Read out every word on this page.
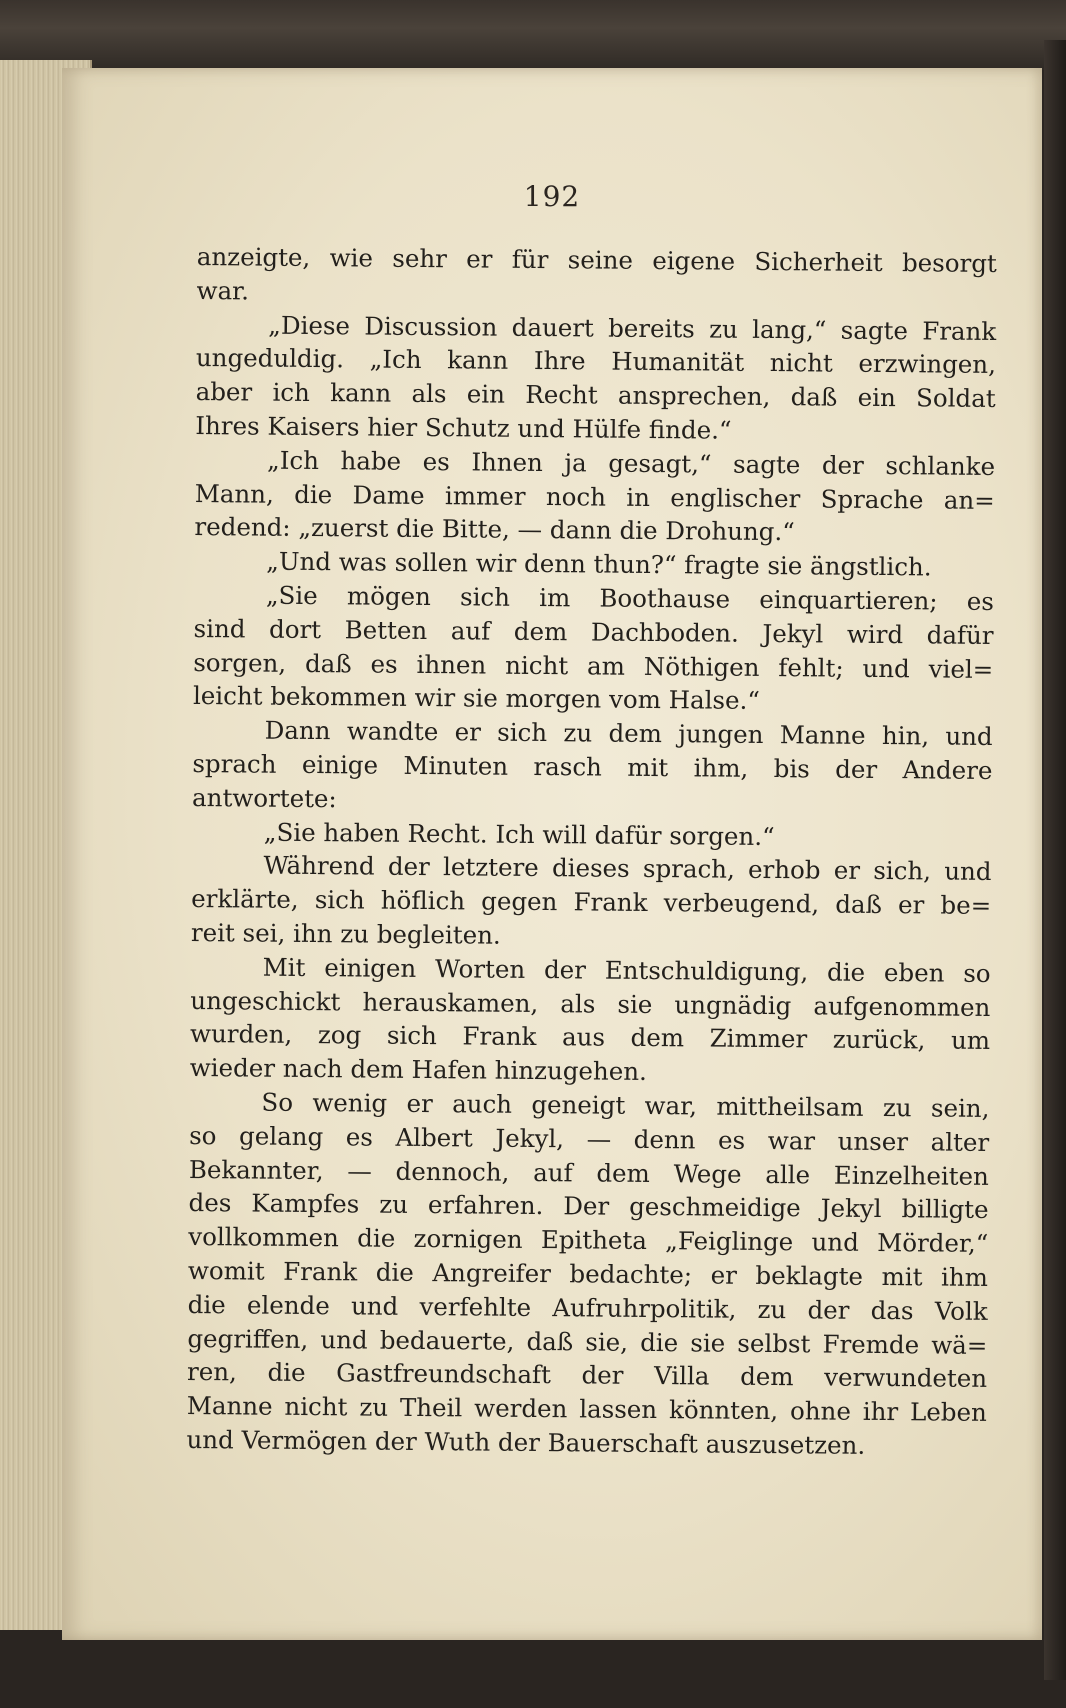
192
anzeigte, wie sehr er für seine eigene Sicherheit besorgt
war.
„Diese Discussion dauert bereits zu lang,“ sagte Frank
ungeduldig. „Ich kann Ihre Humanität nicht erzwingen,
aber ich kann als ein Recht ansprechen, daß ein Soldat
Ihres Kaisers hier Schutz und Hülfe finde.“
„Ich habe es Ihnen ja gesagt,“ sagte der schlanke
Mann, die Dame immer noch in englischer Sprache an=
redend: „zuerst die Bitte, — dann die Drohung.“
„Und was sollen wir denn thun?“ fragte sie ängstlich.
„Sie mögen sich im Boothause einquartieren; es
sind dort Betten auf dem Dachboden. Jekyl wird dafür
sorgen, daß es ihnen nicht am Nöthigen fehlt; und viel=
leicht bekommen wir sie morgen vom Halse.“
Dann wandte er sich zu dem jungen Manne hin, und
sprach einige Minuten rasch mit ihm, bis der Andere
antwortete:
„Sie haben Recht. Ich will dafür sorgen.“
Während der letztere dieses sprach, erhob er sich, und
erklärte, sich höflich gegen Frank verbeugend, daß er be=
reit sei, ihn zu begleiten.
Mit einigen Worten der Entschuldigung, die eben so
ungeschickt herauskamen, als sie ungnädig aufgenommen
wurden, zog sich Frank aus dem Zimmer zurück, um
wieder nach dem Hafen hinzugehen.
So wenig er auch geneigt war, mittheilsam zu sein,
so gelang es Albert Jekyl, — denn es war unser alter
Bekannter, — dennoch, auf dem Wege alle Einzelheiten
des Kampfes zu erfahren. Der geschmeidige Jekyl billigte
vollkommen die zornigen Epitheta „Feiglinge und Mörder,“
womit Frank die Angreifer bedachte; er beklagte mit ihm
die elende und verfehlte Aufruhrpolitik, zu der das Volk
gegriffen, und bedauerte, daß sie, die sie selbst Fremde wä=
ren, die Gastfreundschaft der Villa dem verwundeten
Manne nicht zu Theil werden lassen könnten, ohne ihr Leben
und Vermögen der Wuth der Bauerschaft auszusetzen.
